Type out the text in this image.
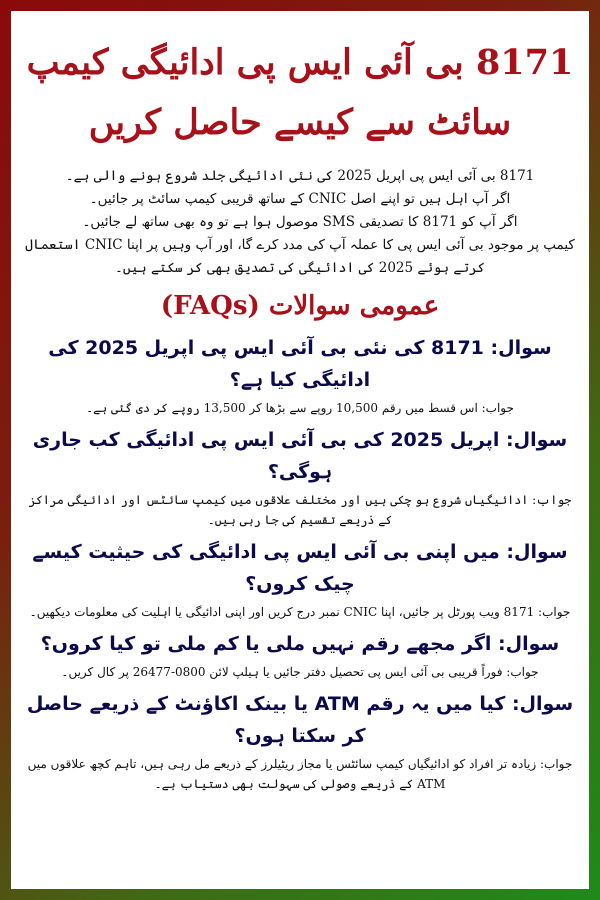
8171 بی آئی ایس پی ادائیگی کیمپ سائٹ سے کیسے حاصل کریں

8171 بی آئی ایس پی اپریل 2025 کی نئی ادائیگی جلد شروع ہونے والی ہے۔

اگر آپ اہل ہیں تو اپنے اصل CNIC کے ساتھ قریبی کیمپ سائٹ پر جائیں۔

اگر آپ کو 8171 کا تصدیقی SMS موصول ہوا ہے تو وہ بھی ساتھ لے جائیں۔

کیمپ پر موجود بی آئی ایس پی کا عملہ آپ کی مدد کرے گا، اور آپ وہیں پر اپنا CNIC استعمال کرتے ہوئے 2025 کی ادائیگی کی تصدیق بھی کر سکتے ہیں۔

عمومی سوالات (FAQs)
سوال: 8171 کی نئی بی آئی ایس پی اپریل 2025 کی ادائیگی کیا ہے؟
جواب: اس قسط میں رقم 10,500 روپے سے بڑھا کر 13,500 روپے کر دی گئی ہے۔
سوال: اپریل 2025 کی بی آئی ایس پی ادائیگی کب جاری ہوگی؟
جواب: ادائیگیاں شروع ہو چکی ہیں اور مختلف علاقوں میں کیمپ سائٹس اور ادائیگی مراکز کے ذریعے تقسیم کی جا رہی ہیں۔
سوال: میں اپنی بی آئی ایس پی ادائیگی کی حیثیت کیسے چیک کروں؟
جواب: 8171 ویب پورٹل پر جائیں، اپنا CNIC نمبر درج کریں اور اپنی ادائیگی یا اہلیت کی معلومات دیکھیں۔
سوال: اگر مجھے رقم نہیں ملی یا کم ملی تو کیا کروں؟
جواب: فوراً قریبی بی آئی ایس پی تحصیل دفتر جائیں یا ہیلپ لائن 0800-26477 پر کال کریں۔
سوال: کیا میں یہ رقم ATM یا بینک اکاؤنٹ کے ذریعے حاصل کر سکتا ہوں؟
جواب: زیادہ تر افراد کو ادائیگیاں کیمپ سائٹس یا مجاز ریٹیلرز کے ذریعے مل رہی ہیں، تاہم کچھ علاقوں میں ATM کے ذریعے وصولی کی سہولت بھی دستیاب ہے۔
